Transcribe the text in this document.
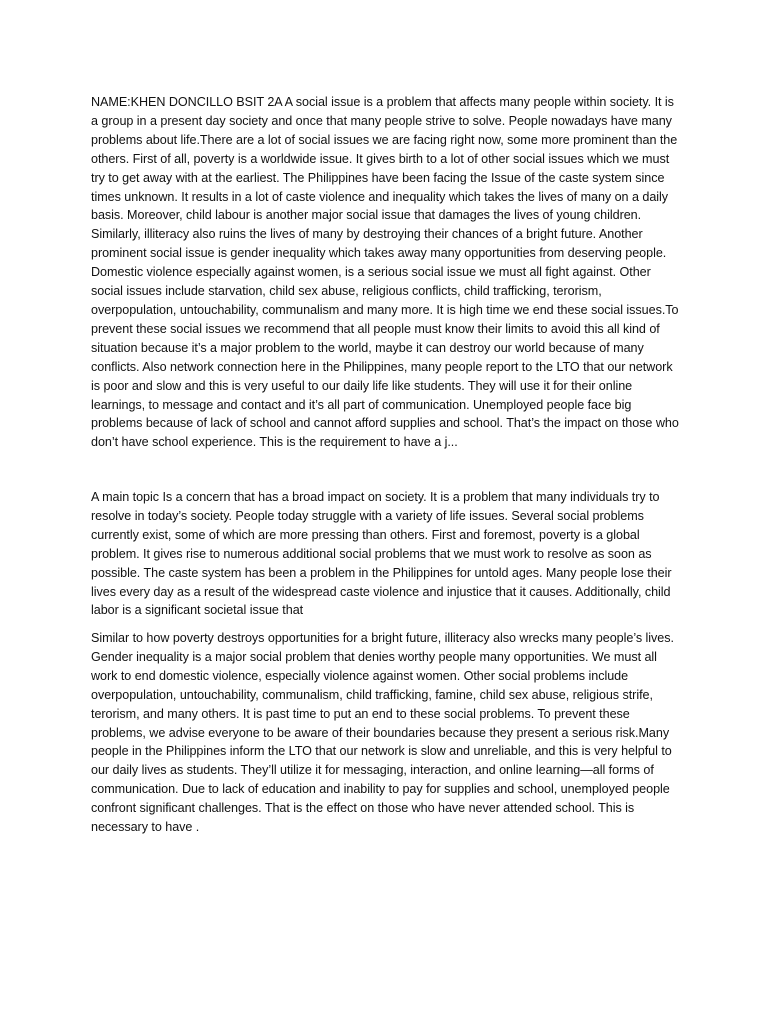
NAME:KHEN DONCILLO BSIT 2A A social issue is a problem that affects many people within society. It is a group in a present day society and once that many people strive to solve. People nowadays have many problems about life.There are a lot of social issues we are facing right now, some more prominent than the others. First of all, poverty is a worldwide issue. It gives birth to a lot of other social issues which we must try to get away with at the earliest. The Philippines have been facing the Issue of the caste system since times unknown. It results in a lot of caste violence and inequality which takes the lives of many on a daily basis. Moreover, child labour is another major social issue that damages the lives of young children. Similarly, illiteracy also ruins the lives of many by destroying their chances of a bright future. Another prominent social issue is gender inequality which takes away many opportunities from deserving people. Domestic violence especially against women, is a serious social issue we must all fight against. Other social issues include starvation, child sex abuse, religious conflicts, child trafficking, terorism, overpopulation, untouchability, communalism and many more. It is high time we end these social issues.To prevent these social issues we recommend that all people must know their limits to avoid this all kind of situation because it’s a major problem to the world, maybe it can destroy our world because of many conflicts. Also network connection here in the Philippines, many people report to the LTO that our network is poor and slow and this is very useful to our daily life like students. They will use it for their online learnings, to message and contact and it’s all part of communication. Unemployed people face big problems because of lack of school and cannot afford supplies and school. That’s the impact on those who don’t have school experience. This is the requirement to have a j...

A main topic Is a concern that has a broad impact on society. It is a problem that many individuals try to resolve in today’s society. People today struggle with a variety of life issues. Several social problems currently exist, some of which are more pressing than others. First and foremost, poverty is a global problem. It gives rise to numerous additional social problems that we must work to resolve as soon as possible. The caste system has been a problem in the Philippines for untold ages. Many people lose their lives every day as a result of the widespread caste violence and injustice that it causes. Additionally, child labor is a significant societal issue that

Similar to how poverty destroys opportunities for a bright future, illiteracy also wrecks many people’s lives. Gender inequality is a major social problem that denies worthy people many opportunities. We must all work to end domestic violence, especially violence against women. Other social problems include overpopulation, untouchability, communalism, child trafficking, famine, child sex abuse, religious strife, terorism, and many others. It is past time to put an end to these social problems. To prevent these problems, we advise everyone to be aware of their boundaries because they present a serious risk.Many people in the Philippines inform the LTO that our network is slow and unreliable, and this is very helpful to our daily lives as students. They’ll utilize it for messaging, interaction, and online learning—all forms of communication. Due to lack of education and inability to pay for supplies and school, unemployed people confront significant challenges. That is the effect on those who have never attended school. This is necessary to have .
